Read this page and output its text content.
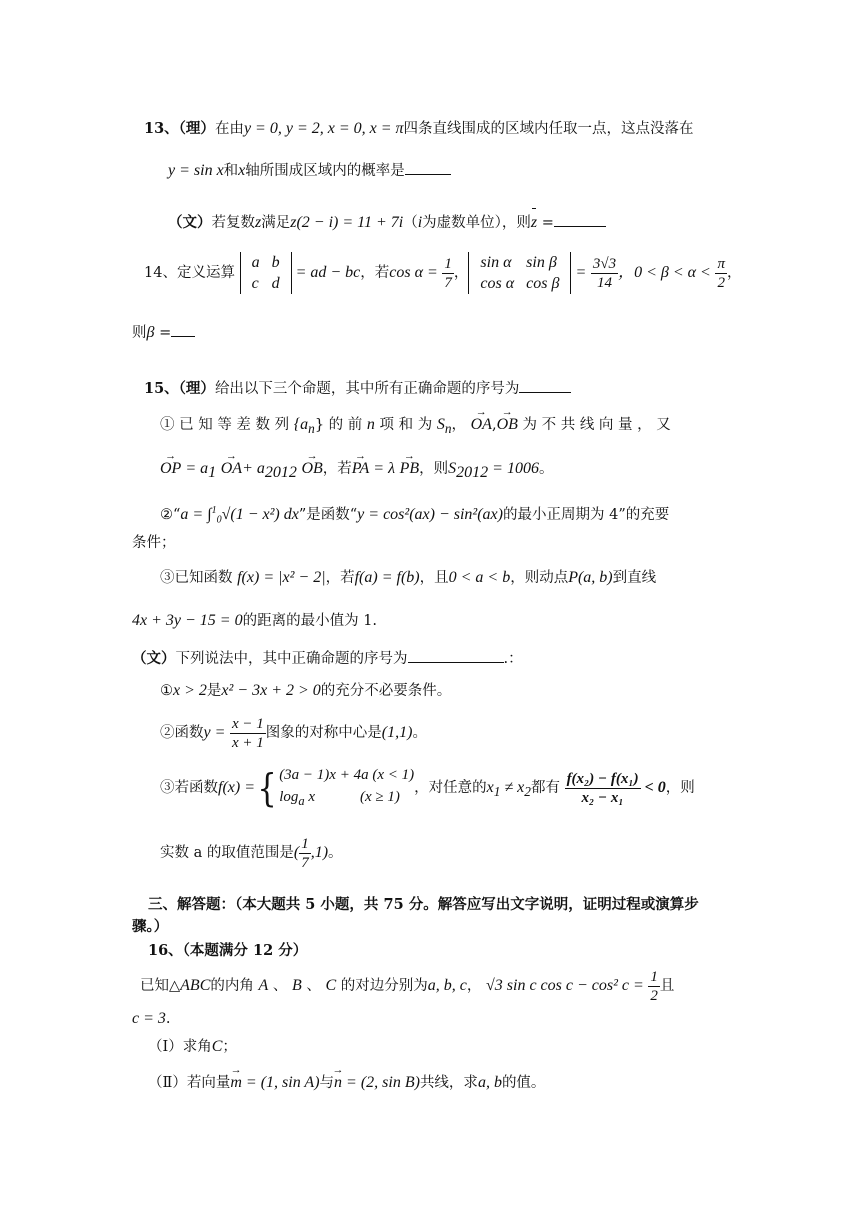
13、（理）在由y = 0, y = 2, x = 0, x = π四条直线围成的区域内任取一点，这点没落在
y = sin x和x轴所围成区域内的概率是
（文）若复数z满足z(2 − i) = 11 + 7i（i为虚数单位），则z =
14、定义运算
a	b
c	d
= ad − bc，若$\cos \alpha = \frac{1}{7}$ ，
sin α	sin β
cos α	cos β
= $\frac{3√3}{14}$ ，$0 < \beta < \alpha < \frac{\pi}{2}$ ，
则β =
15、（理）给出以下三个命题，其中所有正确命题的序号为
① 已 知 等 差 数 列 $\{a_n\}$ 的 前 n 项 和 为 $S_n$， → OA,→ OB 为 不 共 线 向 量 ， 又
→ OP = $a_1 \to OA+ a_{2012}$ → OB，若→ PA = λ → PB，则$S_{2012} = 1006$。
②“a = ∫$^1_0$√(1 − x²) dx”是函数“y = cos²(ax) − sin²(ax)的最小正周期为 4”的充要
条件；
③已知函数 f(x) = |x² − 2|，若f(a) = f(b)，且0 < a < b，则动点P(a, b)到直线
4x + 3y − 15 = 0的距离的最小值为 1.
（文）下列说法中，其中正确命题的序号为	.：
①x > 2是x² − 3x + 2 > 0的充分不必要条件。
②函数$y = \frac{x - 1}{x + 1}$ 图象的对称中心是(1,1)。
③若函数f(x) ={ (3a − 1)x + 4a (x < 1)
$\log_a x$            (x ≥ 1)
，对任意的$x_1 \ne x_2$都有 $\frac{\text{f(x₂) − f(x₁)}}{\text{x₂ − x₁}} < 0$，则
实数 a 的取值范围是( $\frac{1}{7} ,1$)。
三、解答题：（本大题共 5 小题，共 75 分。解答应写出文字说明，证明过程或演算步
骤。）
16、（本题满分 12 分）
已知△ABC的内角 A 、 B 、 C 的对边分别为a, b, c， √3 sin c cos c − cos² $c = \frac{1}{2}$ 且
c = 3.
（Ⅰ）求角C；
（Ⅱ）若向量→ m = (1, sin A)与→ n = (2, sin B)共线，求a, b的值。
